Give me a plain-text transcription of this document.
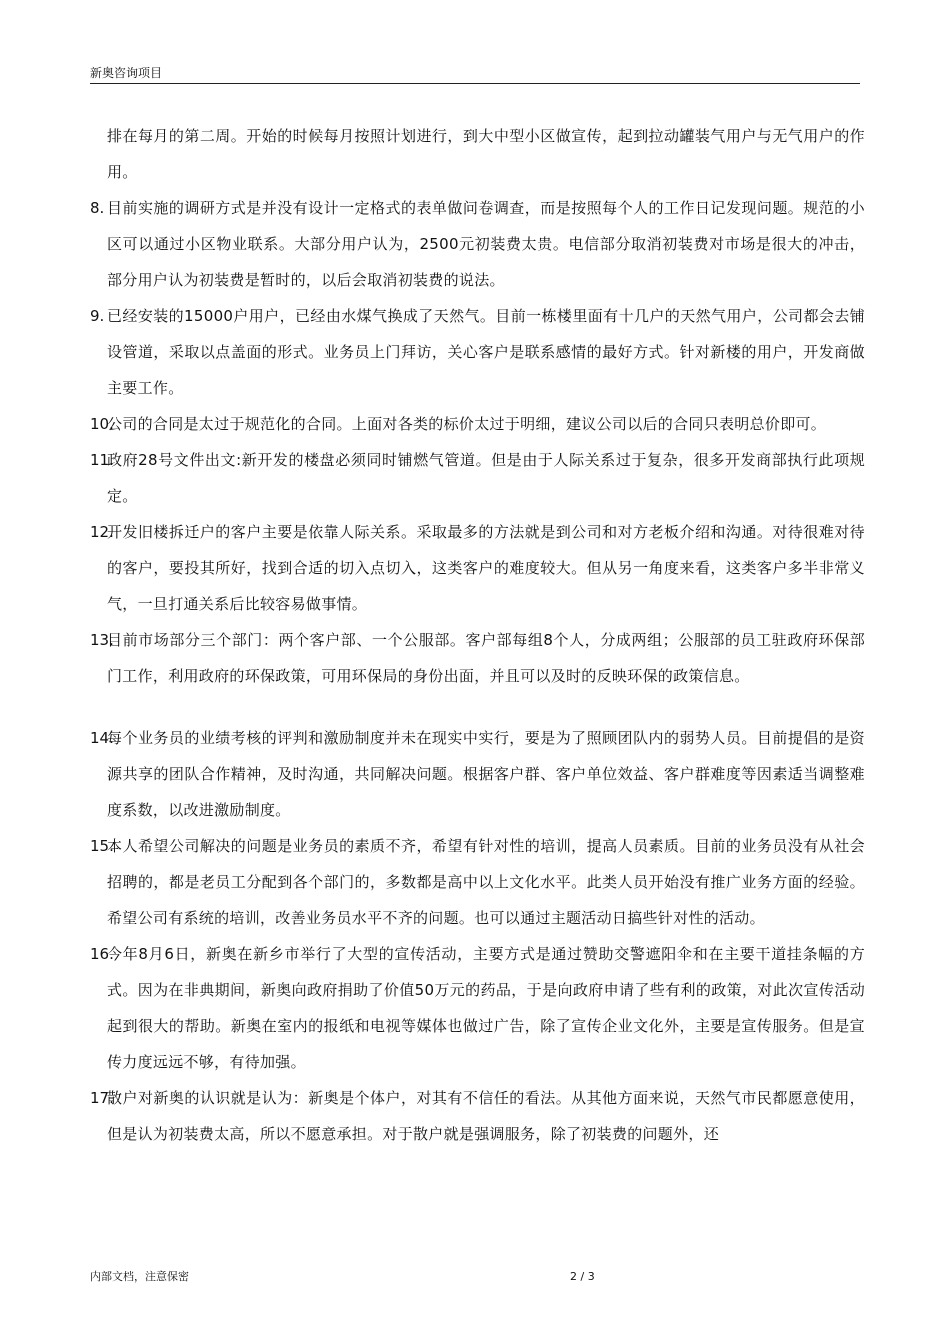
新奥咨询项目
排在每月的第二周。开始的时候每月按照计划进行，到大中型小区做宣传，起到拉动罐装气用户与无气用户的作用。
8. 目前实施的调研方式是并没有设计一定格式的表单做问卷调查，而是按照每个人的工作日记发现问题。规范的小区可以通过小区物业联系。大部分用户认为，2500元初装费太贵。电信部分取消初装费对市场是很大的冲击，部分用户认为初装费是暂时的，以后会取消初装费的说法。
9. 已经安装的15000户用户，已经由水煤气换成了天然气。目前一栋楼里面有十几户的天然气用户，公司都会去铺设管道，采取以点盖面的形式。业务员上门拜访，关心客户是联系感情的最好方式。针对新楼的用户，开发商做主要工作。
10.
公司的合同是太过于规范化的合同。上面对各类的标价太过于明细，建议公司以后的合同只表明总价即可。
11.
政府28号文件出文:新开发的楼盘必须同时铺燃气管道。但是由于人际关系过于复杂，很多开发商部执行此项规定。
12.
开发旧楼拆迁户的客户主要是依靠人际关系。采取最多的方法就是到公司和对方老板介绍和沟通。对待很难对待的客户，要投其所好，找到合适的切入点切入，这类客户的难度较大。但从另一角度来看，这类客户多半非常义气，一旦打通关系后比较容易做事情。
13.
目前市场部分三个部门：两个客户部、一个公服部。客户部每组8个人，分成两组；公服部的员工驻政府环保部门工作，利用政府的环保政策，可用环保局的身份出面，并且可以及时的反映环保的政策信息。
14.
每个业务员的业绩考核的评判和激励制度并未在现实中实行，要是为了照顾团队内的弱势人员。目前提倡的是资源共享的团队合作精神，及时沟通，共同解决问题。根据客户群、客户单位效益、客户群难度等因素适当调整难度系数，以改进激励制度。
15.
本人希望公司解决的问题是业务员的素质不齐，希望有针对性的培训，提高人员素质。目前的业务员没有从社会招聘的，都是老员工分配到各个部门的，多数都是高中以上文化水平。此类人员开始没有推广业务方面的经验。希望公司有系统的培训，改善业务员水平不齐的问题。也可以通过主题活动日搞些针对性的活动。
16.
今年8月6日，新奥在新乡市举行了大型的宣传活动，主要方式是通过赞助交警遮阳伞和在主要干道挂条幅的方式。因为在非典期间，新奥向政府捐助了价值50万元的药品，于是向政府申请了些有利的政策，对此次宣传活动起到很大的帮助。新奥在室内的报纸和电视等媒体也做过广告，除了宣传企业文化外，主要是宣传服务。但是宣传力度远远不够，有待加强。
17.
散户对新奥的认识就是认为：新奥是个体户，对其有不信任的看法。从其他方面来说，天然气市民都愿意使用，但是认为初装费太高，所以不愿意承担。对于散户就是强调服务，除了初装费的问题外，还
内部文档，注意保密	2 / 3
